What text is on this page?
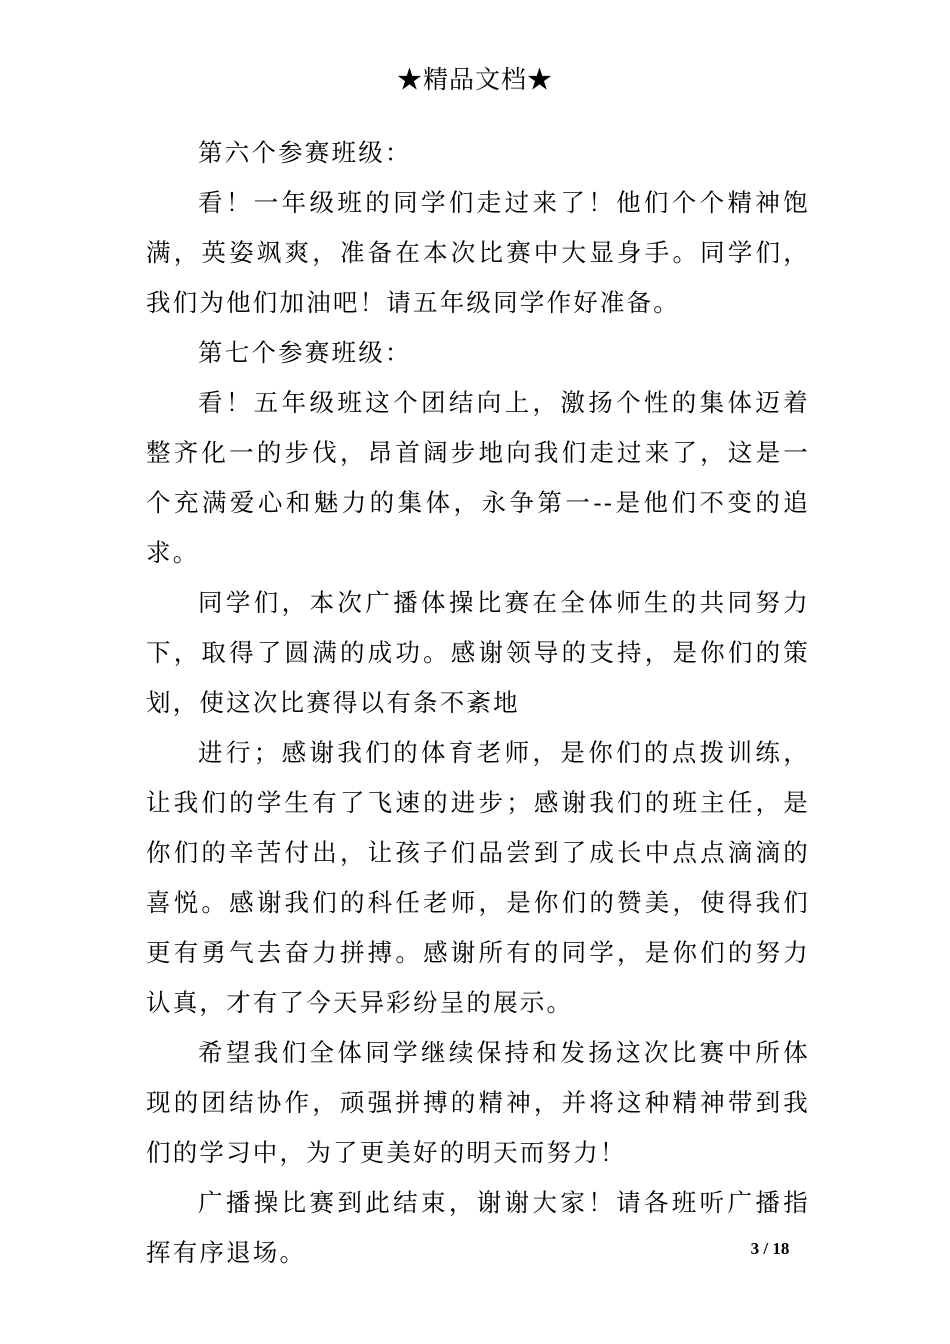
★精品文档★

第六个参赛班级：

看！一年级班的同学们走过来了！他们个个精神饱满，英姿飒爽，准备在本次比赛中大显身手。同学们，我们为他们加油吧！请五年级同学作好准备。

第七个参赛班级：

看！五年级班这个团结向上，激扬个性的集体迈着整齐化一的步伐，昂首阔步地向我们走过来了，这是一个充满爱心和魅力的集体，永争第一--是他们不变的追求。

同学们，本次广播体操比赛在全体师生的共同努力下，取得了圆满的成功。感谢领导的支持，是你们的策划，使这次比赛得以有条不紊地

进行；感谢我们的体育老师，是你们的点拨训练，让我们的学生有了飞速的进步；感谢我们的班主任，是你们的辛苦付出，让孩子们品尝到了成长中点点滴滴的喜悦。感谢我们的科任老师，是你们的赞美，使得我们更有勇气去奋力拼搏。感谢所有的同学，是你们的努力认真，才有了今天异彩纷呈的展示。

希望我们全体同学继续保持和发扬这次比赛中所体现的团结协作，顽强拼搏的精神，并将这种精神带到我们的学习中，为了更美好的明天而努力！

广播操比赛到此结束，谢谢大家！请各班听广播指挥有序退场。	3 / 18
